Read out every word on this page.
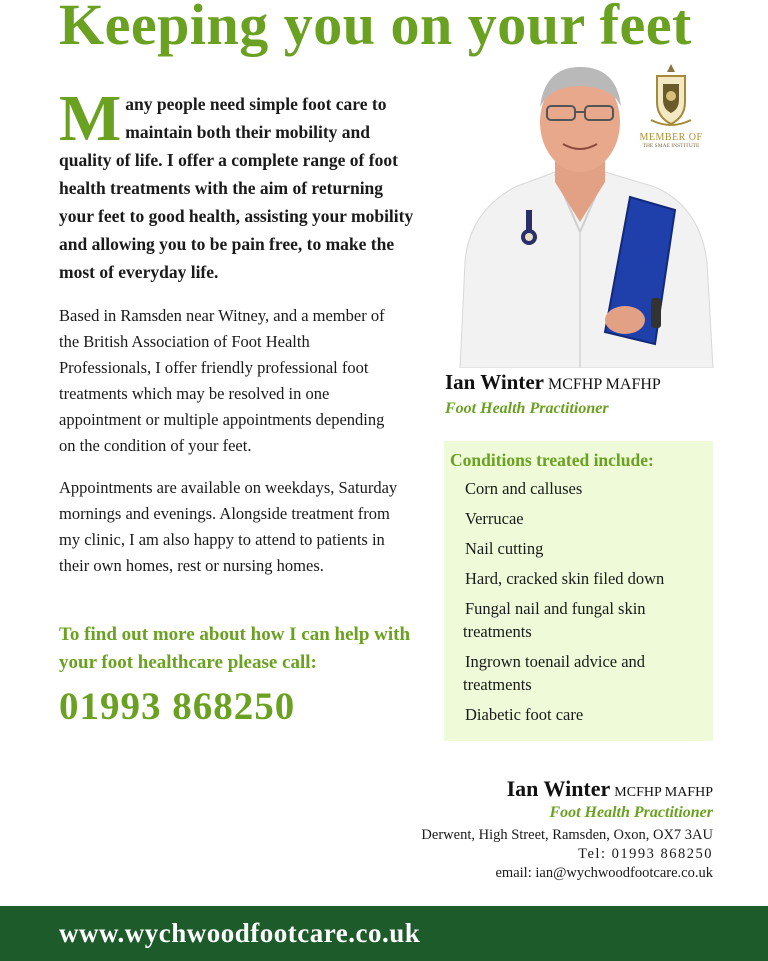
Keeping you on your feet
M any people need simple foot care to maintain both their mobility and quality of life. I offer a complete range of foot health treatments with the aim of returning your feet to good health, assisting your mobility and allowing you to be pain free, to make the most of everyday life.
Based in Ramsden near Witney, and a member of the British Association of Foot Health Professionals, I offer friendly professional foot treatments which may be resolved in one appointment or multiple appointments depending on the condition of your feet.
Appointments are available on weekdays, Saturday mornings and evenings. Alongside treatment from my clinic, I am also happy to attend to patients in their own homes, rest or nursing homes.
To find out more about how I can help with your foot healthcare please call:
01993 868250
MEMBER OF
THE SMAE INSTITUTE
Ian Winter MCFHP MAFHP
Foot Health Practitioner
Conditions treated include:
Corn and calluses
Verrucae
Nail cutting
Hard, cracked skin filed down
Fungal nail and fungal skin treatments
Ingrown toenail advice and treatments
Diabetic foot care
Ian Winter MCFHP MAFHP
Foot Health Practitioner
Derwent, High Street, Ramsden, Oxon, OX7 3AU
Tel: 01993 868250
email: ian@wychwoodfootcare.co.uk
www.wychwoodfootcare.co.uk
